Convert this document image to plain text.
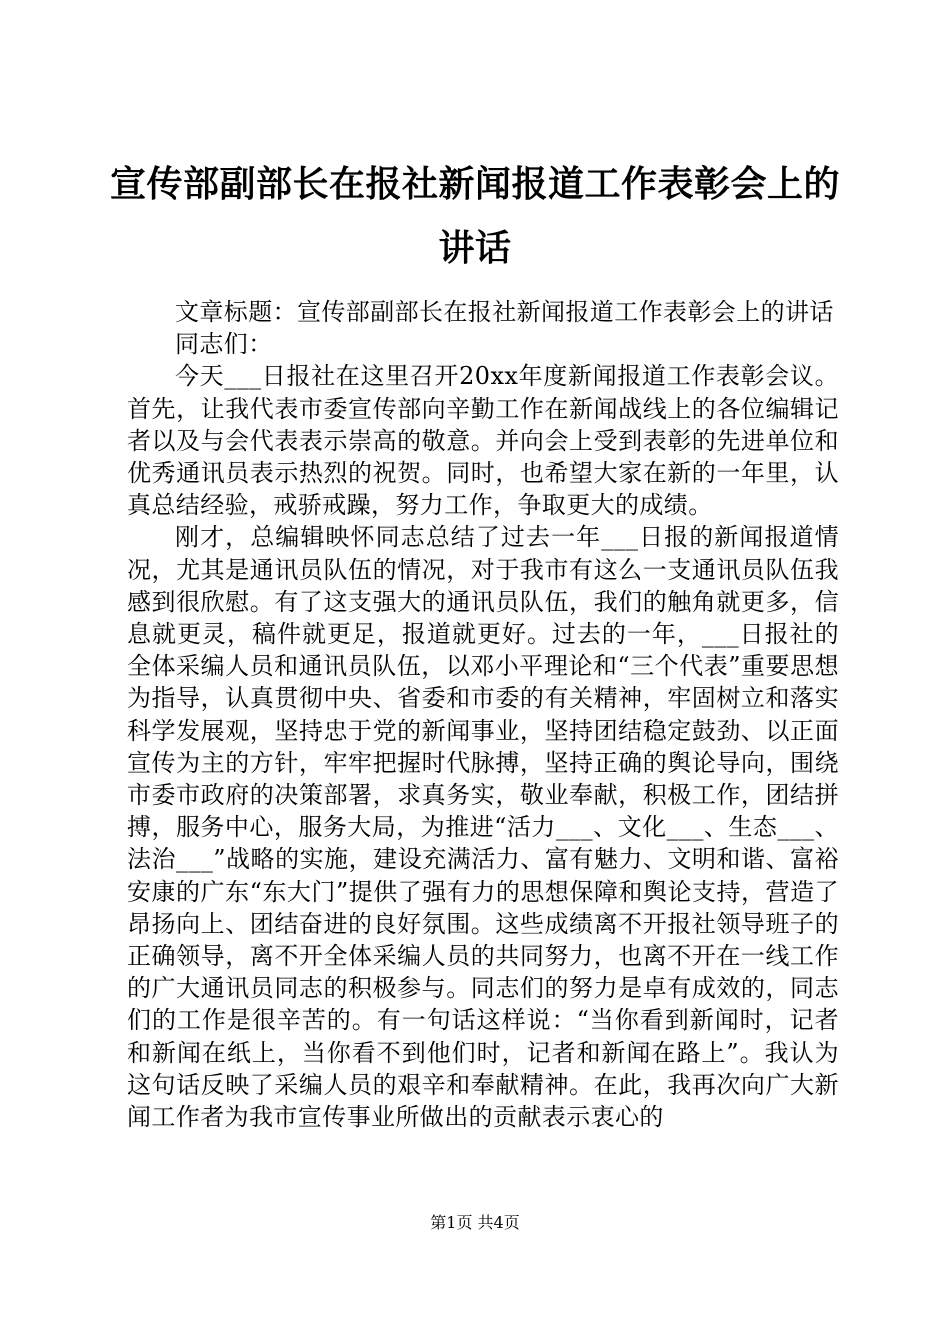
宣传部副部长在报社新闻报道工作表彰会上的讲话

文章标题：宣传部副部长在报社新闻报道工作表彰会上的讲话

同志们：

今天___日报社在这里召开20xx年度新闻报道工作表彰会议。首先，让我代表市委宣传部向辛勤工作在新闻战线上的各位编辑记者以及与会代表表示崇高的敬意。并向会上受到表彰的先进单位和优秀通讯员表示热烈的祝贺。同时，也希望大家在新的一年里，认真总结经验，戒骄戒躁，努力工作，争取更大的成绩。

刚才，总编辑映怀同志总结了过去一年___日报的新闻报道情况，尤其是通讯员队伍的情况，对于我市有这么一支通讯员队伍我感到很欣慰。有了这支强大的通讯员队伍，我们的触角就更多，信息就更灵，稿件就更足，报道就更好。过去的一年，___日报社的全体采编人员和通讯员队伍，以邓小平理论和“三个代表”重要思想为指导，认真贯彻中央、省委和市委的有关精神，牢固树立和落实科学发展观，坚持忠于党的新闻事业，坚持团结稳定鼓劲、以正面宣传为主的方针，牢牢把握时代脉搏，坚持正确的舆论导向，围绕市委市政府的决策部署，求真务实，敬业奉献，积极工作，团结拼搏，服务中心，服务大局，为推进“活力___、文化___、生态___、法治___”战略的实施，建设充满活力、富有魅力、文明和谐、富裕安康的广东“东大门”提供了强有力的思想保障和舆论支持，营造了昂扬向上、团结奋进的良好氛围。这些成绩离不开报社领导班子的正确领导，离不开全体采编人员的共同努力，也离不开在一线工作的广大通讯员同志的积极参与。同志们的努力是卓有成效的，同志们的工作是很辛苦的。有一句话这样说：“当你看到新闻时，记者和新闻在纸上，当你看不到他们时，记者和新闻在路上”。我认为这句话反映了采编人员的艰辛和奉献精神。在此，我再次向广大新闻工作者为我市宣传事业所做出的贡献表示衷心的

第1页 共4页
